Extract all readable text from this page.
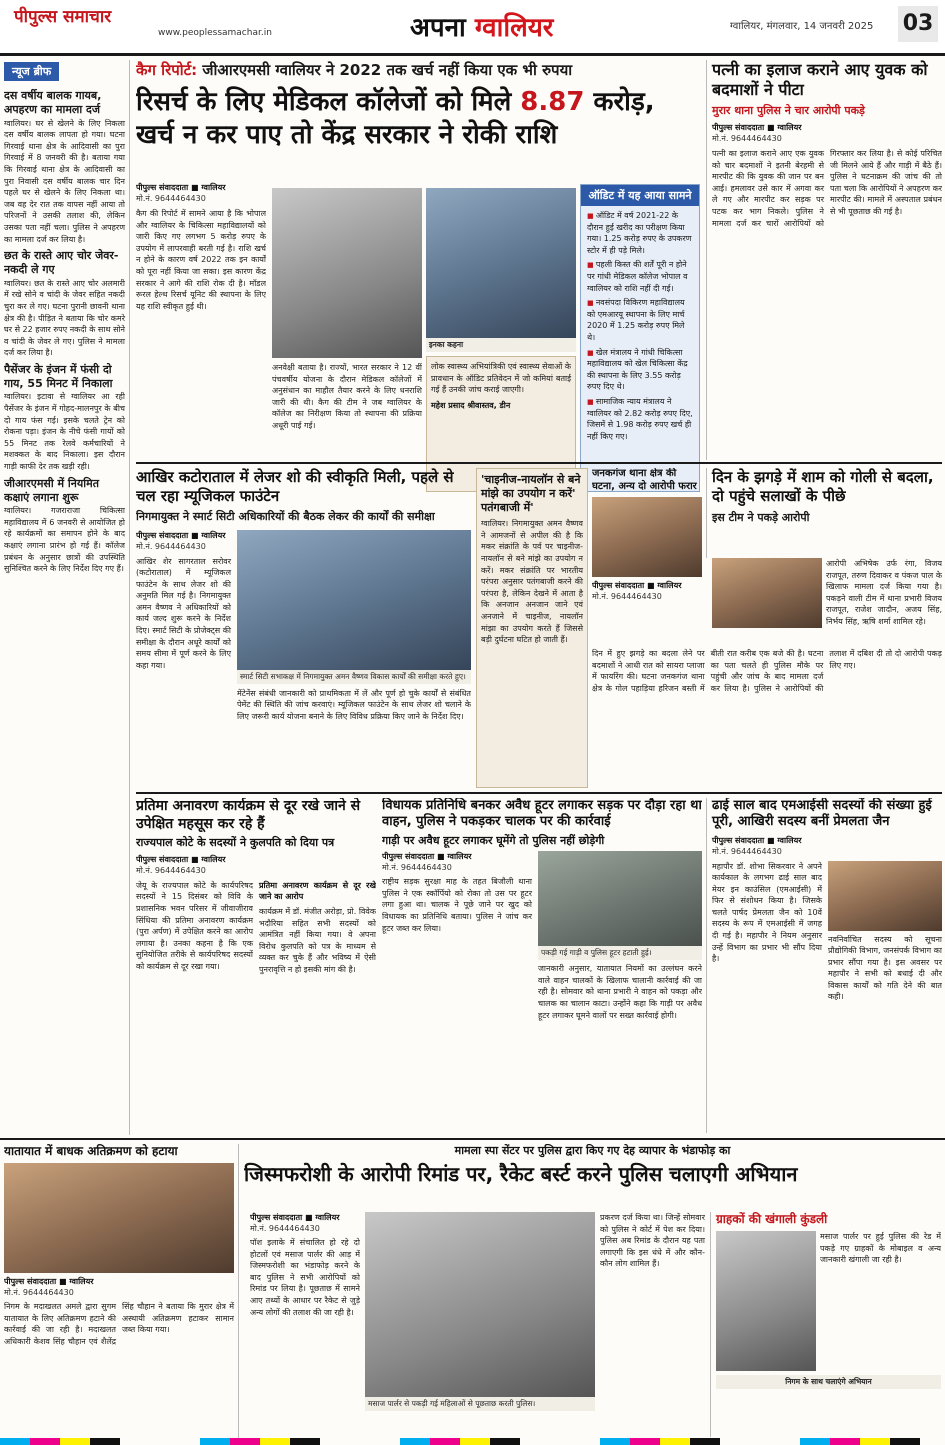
पीपुल्स समाचार
www.peoplessamachar.in	अपना ग्वालियर	ग्वालियर, मंगलवार, 14 जनवरी 2025 03
न्यूज ब्रीफ
दस वर्षीय बालक गायब, अपहरण का मामला दर्ज

ग्वालियर। घर से खेलने के लिए निकला दस वर्षीय बालक लापता हो गया। घटना गिरवाई थाना क्षेत्र के आदिवासी का पुरा गिरवाई में 8 जनवरी की है। बताया गया कि गिरवाई थाना क्षेत्र के आदिवासी का पुरा निवासी दस वर्षीय बालक चार दिन पहले घर से खेलने के लिए निकला था। जब वह देर रात तक वापस नहीं आया तो परिजनों ने उसकी तलाश की, लेकिन उसका पता नहीं चला। पुलिस ने अपहरण का मामला दर्ज कर लिया है।

छत के रास्ते आए चोर जेवर-नकदी ले गए

ग्वालियर। छत के रास्ते आए चोर अलमारी में रखे सोने व चांदी के जेवर सहित नकदी चुरा कर ले गए। घटना पुरानी छावनी थाना क्षेत्र की है। पीड़ित ने बताया कि चोर कमरे घर से 22 हजार रुपए नकदी के साथ सोने व चांदी के जेवर ले गए। पुलिस ने मामला दर्ज कर लिया है।

पैसेंजर के इंजन में फंसी दो गाय, 55 मिनट में निकाला

ग्वालियर। इटावा से ग्वालियर आ रही पैसेंजर के इंजन में गोहद-मालनपुर के बीच दो गाय फंस गई। इसके चलते ट्रेन को रोकना पड़ा। इंजन के नीचे फंसी गायों को 55 मिनट तक रेलवे कर्मचारियों ने मशक्कत के बाद निकाला। इस दौरान गाड़ी काफी देर तक खड़ी रही।

जीआरएमसी में नियमित कक्षाएं लगाना शुरू

ग्वालियर। गजराराजा चिकित्सा महाविद्यालय में 6 जनवरी से आयोजित हो रहे कार्यक्रमों का समापन होने के बाद कक्षाएं लगाना प्रारंभ हो गई हैं। कॉलेज प्रबंधन के अनुसार छात्रों की उपस्थिति सुनिश्चित करने के लिए निर्देश दिए गए हैं।

कैग रिपोर्ट: जीआरएमसी ग्वालियर ने 2022 तक खर्च नहीं किया एक भी रुपया
रिसर्च के लिए मेडिकल कॉलेजों को मिले 8.87 करोड़, खर्च न कर पाए तो केंद्र सरकार ने रोकी राशि
पीपुल्स संवाददाता ■ ग्वालियर
मो.नं. 9644464430
कैग की रिपोर्ट में सामने आया है कि भोपाल और ग्वालियर के चिकित्सा महाविद्यालयों को जारी किए गए लगभग 5 करोड़ रुपए के उपयोग में लापरवाही बरती गई है। राशि खर्च न होने के कारण वर्ष 2022 तक इन कार्यों को पूरा नहीं किया जा सका। इस कारण केंद्र सरकार ने आगे की राशि रोक दी है। मॉडल रूरल हेल्थ रिसर्च यूनिट की स्थापना के लिए यह राशि स्वीकृत हुई थी।
इनका कहना
अनवेक्षी बताया है। राज्यों, भारत सरकार ने 12 वीं पंचवर्षीय योजना के दौरान मेडिकल कॉलेजों में अनुसंधान का माहौल तैयार करने के लिए धनराशि जारी की थी। कैग की टीम ने जब ग्वालियर के कॉलेज का निरीक्षण किया तो स्थापना की प्रक्रिया अधूरी पाई गई।
लोक स्वास्थ्य अभियांत्रिकी एवं स्वास्थ्य सेवाओं के प्रावधान के ऑडिट प्रतिवेदन में जो कमियां बताई गई हैं उनकी जांच कराई जाएगी।
महेश प्रसाद श्रीवास्तव, डीन
ऑडिट में यह आया सामने
■ ऑडिट में वर्ष 2021-22 के दौरान हुई खरीद का परीक्षण किया गया। 1.25 करोड़ रुपए के उपकरण स्टोर में ही पड़े मिले।
■ पहली किस्त की शर्तें पूरी न होने पर गांधी मेडिकल कॉलेज भोपाल व ग्वालियर को राशि नहीं दी गई।
■ नवसंपदा विकिरण महाविद्यालय को एमआरयू स्थापना के लिए मार्च 2020 में 1.25 करोड़ रुपए मिले थे।
■ खेल मंत्रालय ने गांधी चिकित्सा महाविद्यालय को खेल चिकित्सा केंद्र की स्थापना के लिए 3.55 करोड़ रुपए दिए थे।
■ सामाजिक न्याय मंत्रालय ने ग्वालियर को 2.82 करोड़ रुपए दिए, जिसमें से 1.98 करोड़ रुपए खर्च ही नहीं किए गए।
पत्नी का इलाज कराने आए युवक को बदमाशों ने पीटा
मुरार थाना पुलिस ने चार आरोपी पकड़े
पीपुल्स संवाददाता ■ ग्वालियर
मो.नं. 9644464430
पत्नी का इलाज कराने आए एक युवक को चार बदमाशों ने इतनी बेरहमी से मारपीट की कि युवक की जान पर बन आई। हमलावर उसे कार में अगवा कर ले गए और मारपीट कर सड़क पर पटक कर भाग निकले। पुलिस ने मामला दर्ज कर चारों आरोपियों को गिरफ्तार कर लिया है। से कोई परिचित जी मिलने आये हैं और गाड़ी में बैठे हैं। पुलिस ने घटनाक्रम की जांच की तो पता चला कि आरोपियों ने अपहरण कर मारपीट की। मामले में अस्पताल प्रबंधन से भी पूछताछ की गई है।
आखिर कटोराताल में लेजर शो की स्वीकृति मिली, पहले से चल रहा म्यूजिकल फाउंटेन
निगमायुक्त ने स्मार्ट सिटी अधिकारियों की बैठक लेकर की कार्यों की समीक्षा
पीपुल्स संवाददाता ■ ग्वालियर
मो.नं. 9644464430
आखिर शेर सागरताल सरोवर (कटोराताल) में म्यूजिकल फाउंटेन के साथ लेजर शो की अनुमति मिल गई है। निगमायुक्त अमन वैष्णव ने अधिकारियों को कार्य जल्द शुरू करने के निर्देश दिए। स्मार्ट सिटी के प्रोजेक्ट्स की समीक्षा के दौरान अधूरे कार्यों को समय सीमा में पूर्ण करने के लिए कहा गया।
स्मार्ट सिटी सभाकक्ष में निगमायुक्त अमन वैष्णव विकास कार्यों की समीक्षा करते हुए।
मेंटेनेंस संबंधी जानकारी को प्राथमिकता में लें और पूर्ण हो चुके कार्यों से संबंधित पेमेंट की स्थिति की जांच करवाएं। म्यूजिकल फाउंटेन के साथ लेजर शो चलाने के लिए जरूरी कार्य योजना बनाने के लिए विविध प्रक्रिया किए जाने के निर्देश दिए।
'चाइनीज-नायलॉन से बने मांझे का उपयोग न करें' पतंगबाजी में'
ग्वालियर। निगमायुक्त अमन वैष्णव ने आमजनों से अपील की है कि मकर संक्रांति के पर्व पर चाइनीज-नायलॉन से बने मांझे का उपयोग न करें। मकर संक्रांति पर भारतीय परंपरा अनुसार पतंगबाजी करने की परंपरा है, लेकिन देखने में आता है कि अनजान अनजान जाने एवं अनजाने में चाइनीज, नायलॉन मांझा का उपयोग करते हैं जिससे बड़ी दुर्घटना घटित हो जाती हैं।
जनकगंज थाना क्षेत्र की घटना, अन्य दो आरोपी फरार
पीपुल्स संवाददाता ■ ग्वालियर
मो.नं. 9644464430
दिन के झगड़े में शाम को गोली से बदला, दो पहुंचे सलाखों के पीछे
इस टीम ने पकड़े आरोपी
आरोपी अभिषेक उर्फ रंगा, विजय राजपूत, तरुण दिवाकर व पंकज पाल के खिलाफ मामला दर्ज किया गया है। पकड़ने वाली टीम में थाना प्रभारी विजय राजपूत, राजेश जादौन, अजय सिंह, निर्भय सिंह, ऋषि शर्मा शामिल रहे।
दिन में हुए झगड़े का बदला लेने पर बदमाशों ने आधी रात को सायरा प्लाजा में फायरिंग की। घटना जनकगंज थाना क्षेत्र के गोल पहाड़िया हरिजन बस्ती में बीती रात करीब एक बजे की है। घटना का पता चलते ही पुलिस मौके पर पहुंची और जांच के बाद मामला दर्ज कर लिया है। पुलिस ने आरोपियों की तलाश में दबिश दी तो दो आरोपी पकड़ लिए गए।
प्रतिमा अनावरण कार्यक्रम से दूर रखे जाने से उपेक्षित महसूस कर रहे हैं
राज्यपाल कोटे के सदस्यों ने कुलपति को दिया पत्र
पीपुल्स संवाददाता ■ ग्वालियर
मो.नं. 9644464430
जेयू के राज्यपाल कोटे के कार्यपरिषद सदस्यों ने 15 दिसंबर को विवि के प्रशासनिक भवन परिसर में जीवाजीराव सिंधिया की प्रतिमा अनावरण कार्यक्रम (पुरा अर्पण) में उपेक्षित करने का आरोप लगाया है। उनका कहना है कि एक सुनियोजित तरीके से कार्यपरिषद सदस्यों को कार्यक्रम से दूर रखा गया।
प्रतिमा अनावरण कार्यक्रम से दूर रखे जाने का आरोप
कार्यक्रम में डॉ. मंजीत अरोड़ा, प्रो. विवेक भदौरिया सहित सभी सदस्यों को आमंत्रित नहीं किया गया। वे अपना विरोध कुलपति को पत्र के माध्यम से व्यक्त कर चुके हैं और भविष्य में ऐसी पुनरावृत्ति न हो इसकी मांग की है।
विधायक प्रतिनिधि बनकर अवैध हूटर लगाकर सड़क पर दौड़ा रहा था वाहन, पुलिस ने पकड़कर चालक पर की कार्रवाई
गाड़ी पर अवैध हूटर लगाकर घूमेंगे तो पुलिस नहीं छोड़ेगी
पीपुल्स संवाददाता ■ ग्वालियर
मो.नं. 9644464430
राष्ट्रीय सड़क सुरक्षा माह के तहत बिजौली थाना पुलिस ने एक स्कॉर्पियो को रोका तो उस पर हूटर लगा हुआ था। चालक ने पूछे जाने पर खुद को विधायक का प्रतिनिधि बताया। पुलिस ने जांच कर हूटर जब्त कर लिया।
पकड़ी गई गाड़ी व पुलिस हूटर हटाती हुई।
जानकारी अनुसार, यातायात नियमों का उल्लंघन करने वाले वाहन चालकों के खिलाफ चालानी कार्रवाई की जा रही है। सोमवार को थाना प्रभारी ने वाहन को पकड़ा और चालक का चालान काटा। उन्होंने कहा कि गाड़ी पर अवैध हूटर लगाकर घूमने वालों पर सख्त कार्रवाई होगी।
ढाई साल बाद एमआईसी सदस्यों की संख्या हुई पूरी, आखिरी सदस्य बनीं प्रेमलता जैन
पीपुल्स संवाददाता ■ ग्वालियर
मो.नं. 9644464430
महापौर डॉ. शोभा सिकरवार ने अपने कार्यकाल के लगभग ढाई साल बाद मेयर इन काउंसिल (एमआईसी) में फिर से संशोधन किया है। जिसके चलते पार्षद प्रेमलता जैन को 10वें सदस्य के रूप में एमआईसी में जगह दी गई है। महापौर ने नियम अनुसार उन्हें विभाग का प्रभार भी सौंप दिया है।
नवनिर्वाचित सदस्य को सूचना प्रौद्योगिकी विभाग, जनसंपर्क विभाग का प्रभार सौंपा गया है। इस अवसर पर महापौर ने सभी को बधाई दी और विकास कार्यों को गति देने की बात कही।
यातायात में बाधक अतिक्रमण को हटाया
पीपुल्स संवाददाता ■ ग्वालियर
मो.नं. 9644464430
निगम के मदाखलत अमले द्वारा सुगम यातायात के लिए अतिक्रमण हटाने की कार्रवाई की जा रही है। मदाखलत अधिकारी केशव सिंह चौहान एवं शैलेंद्र सिंह चौहान ने बताया कि मुरार क्षेत्र में अस्थायी अतिक्रमण हटाकर सामान जब्त किया गया।
मामला स्पा सेंटर पर पुलिस द्वारा किए गए देह व्यापार के भंडाफोड़ का
जिस्मफरोशी के आरोपी रिमांड पर, रैकेट बर्स्ट करने पुलिस चलाएगी अभियान
पीपुल्स संवाददाता ■ ग्वालियर
मो.नं. 9644464430
पॉश इलाके में संचालित हो रहे दो होटलों एवं मसाज पार्लर की आड़ में जिस्मफरोशी का भंडाफोड़ करने के बाद पुलिस ने सभी आरोपियों को रिमांड पर लिया है। पूछताछ में सामने आए तथ्यों के आधार पर रैकेट से जुड़े अन्य लोगों की तलाश की जा रही है।
मसाज पार्लर से पकड़ी गई महिलाओं से पूछताछ करती पुलिस।
प्रकरण दर्ज किया था। जिन्हें सोमवार को पुलिस ने कोर्ट में पेश कर दिया। पुलिस अब रिमांड के दौरान यह पता लगाएगी कि इस धंधे में और कौन-कौन लोग शामिल हैं।
ग्राहकों की खंगाली कुंडली
मसाज पार्लर पर हुई पुलिस की रेड में पकड़े गए ग्राहकों के मोबाइल व अन्य जानकारी खंगाली जा रही है।
निगम के साथ चलाएंगे अभियान
